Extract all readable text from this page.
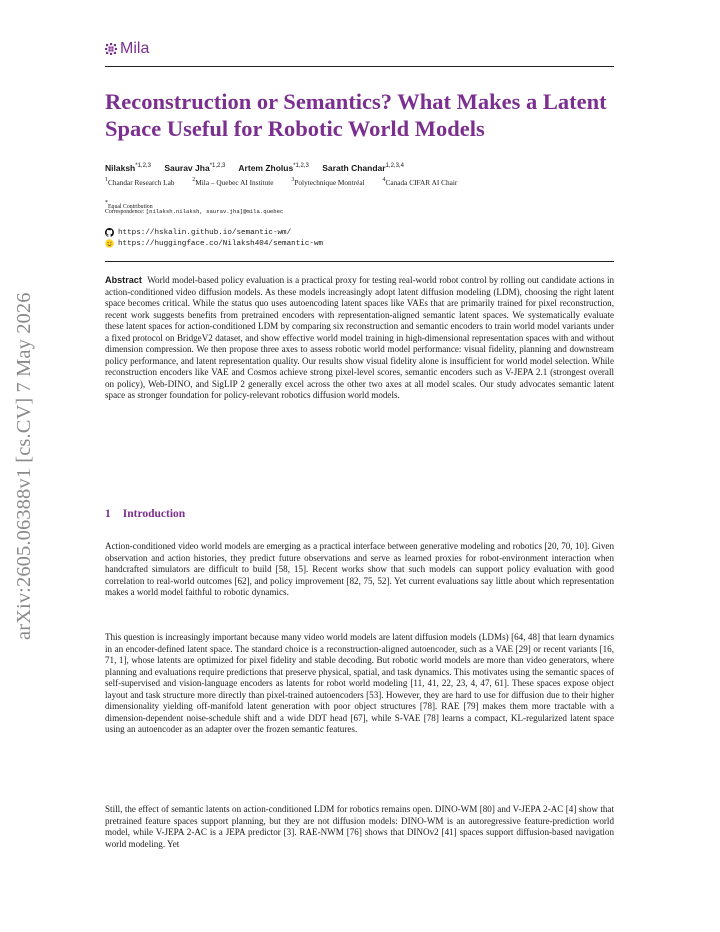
arXiv:2605.06388v1 [cs.CV] 7 May 2026
Mila
Reconstruction or Semantics? What Makes a Latent Space Useful for Robotic World Models
Nilaksh$^{*1,2,3}$ Saurav Jha$^{*1,2,3}$ Artem Zholus$^{*1,2,3}$ Sarath Chandar$^{1,2,3,4}$
$^1$Chandar Research Lab	$^2$Mila – Quebec AI Institute	$^3$Polytechnique Montréal	$^4$Canada CIFAR AI Chair
*Equal Contribution
Correspondence: [nilaksh.nilaksh, saurav.jha]@mila.quebec
https://hskalin.github.io/semantic-wm/
https://huggingface.co/Nilaksh404/semantic-wm
Abstract World model-based policy evaluation is a practical proxy for testing real-world robot control by rolling out candidate actions in action-conditioned video diffusion models. As these models increasingly adopt latent diffusion modeling (LDM), choosing the right latent space becomes critical. While the status quo uses autoencoding latent spaces like VAEs that are primarily trained for pixel reconstruction, recent work suggests benefits from pretrained encoders with representation-aligned semantic latent spaces. We systematically evaluate these latent spaces for action-conditioned LDM by comparing six reconstruction and semantic encoders to train world model variants under a fixed protocol on BridgeV2 dataset, and show effective world model training in high-dimensional representation spaces with and without dimension compression. We then propose three axes to assess robotic world model performance: visual fidelity, planning and downstream policy performance, and latent representation quality. Our results show visual fidelity alone is insufficient for world model selection. While reconstruction encoders like VAE and Cosmos achieve strong pixel-level scores, semantic encoders such as V-JEPA 2.1 (strongest overall on policy), Web-DINO, and SigLIP 2 generally excel across the other two axes at all model scales. Our study advocates semantic latent space as stronger foundation for policy-relevant robotics diffusion world models.
1 Introduction
Action-conditioned video world models are emerging as a practical interface between generative modeling and robotics [20, 70, 10]. Given observation and action histories, they predict future observations and serve as learned proxies for robot-environment interaction when handcrafted simulators are difficult to build [58, 15]. Recent works show that such models can support policy evaluation with good correlation to real-world outcomes [62], and policy improvement [82, 75, 52]. Yet current evaluations say little about which representation makes a world model faithful to robotic dynamics.
This question is increasingly important because many video world models are latent diffusion models (LDMs) [64, 48] that learn dynamics in an encoder-defined latent space. The standard choice is a reconstruction-aligned autoencoder, such as a VAE [29] or recent variants [16, 71, 1], whose latents are optimized for pixel fidelity and stable decoding. But robotic world models are more than video generators, where planning and evaluations require predictions that preserve physical, spatial, and task dynamics. This motivates using the semantic spaces of self-supervised and vision-language encoders as latents for robot world modeling [11, 41, 22, 23, 4, 47, 61]. These spaces expose object layout and task structure more directly than pixel-trained autoencoders [53]. However, they are hard to use for diffusion due to their higher dimensionality yielding off-manifold latent generation with poor object structures [78]. RAE [79] makes them more tractable with a dimension-dependent noise-schedule shift and a wide DDT head [67], while S-VAE [78] learns a compact, KL-regularized latent space using an autoencoder as an adapter over the frozen semantic features.
Still, the effect of semantic latents on action-conditioned LDM for robotics remains open. DINO-WM [80] and V-JEPA 2-AC [4] show that pretrained feature spaces support planning, but they are not diffusion models: DINO-WM is an autoregressive feature-prediction world model, while V-JEPA 2-AC is a JEPA predictor [3]. RAE-NWM [76] shows that DINOv2 [41] spaces support diffusion-based navigation world modeling. Yet
